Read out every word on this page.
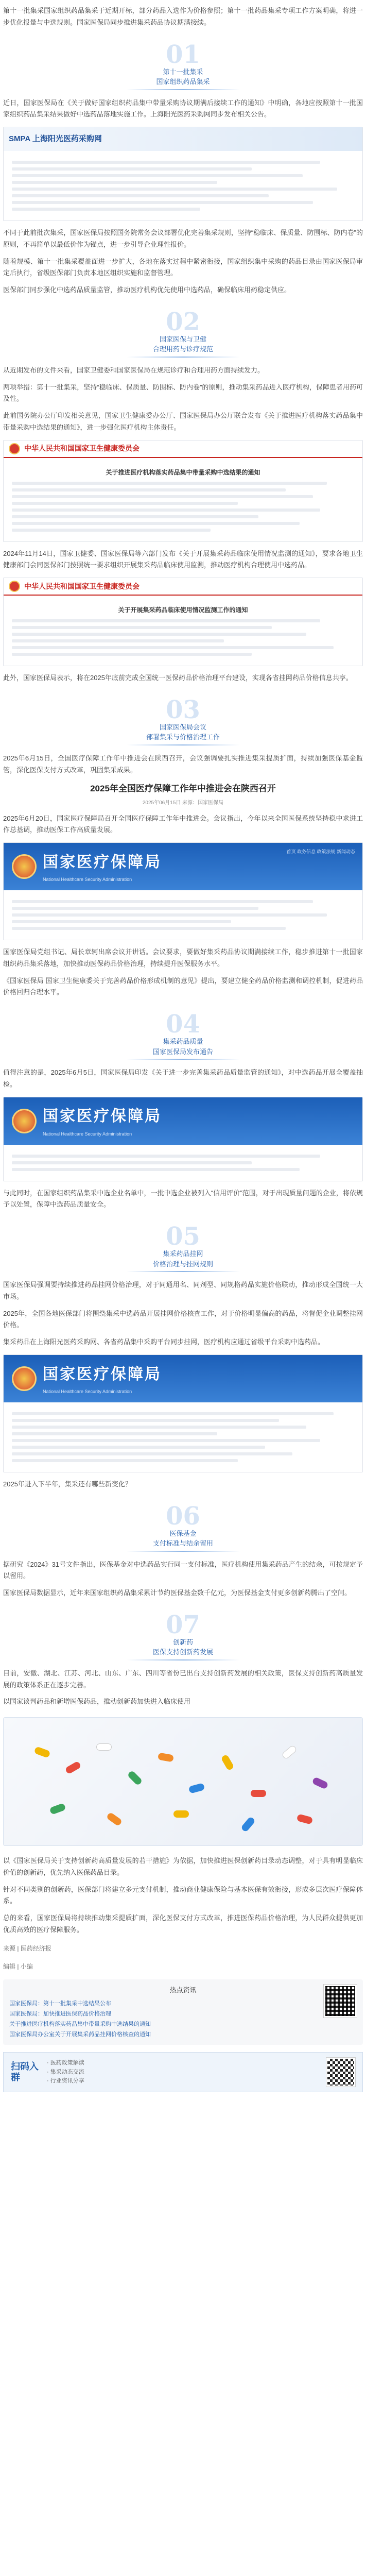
第十一批集采国家组织药品集采于近期开标，部分药品入选作为价格参照；第十一批药品集采专项工作方案明确，将进一步优化报量与中选规则。国家医保局同步推进集采药品协议期满接续。

01
第十一批集采
国家组织药品集采

近日，国家医保局在《关于做好国家组织药品集中带量采购协议期满后接续工作的通知》中明确，各地应按照第十一批国家组织药品集采结果做好中选药品落地实施工作。上海阳光医药采购网同步发布相关公告。

SMPA 上海阳光医药采购网

不同于此前批次集采，国家医保局按照国务院常务会议部署优化完善集采规则，坚持“稳临床、保质量、防围标、防内卷”的原则，不再简单以最低价作为锚点，进一步引导企业理性报价。

随着规模、第十一批集采覆盖面进一步扩大，各地在落实过程中紧密衔接，国家组织集中采购的药品目录由国家医保局审定后执行，省级医保部门负责本地区组织实施和监督管理。

医保部门同步强化中选药品质量监管，推动医疗机构优先使用中选药品，确保临床用药稳定供应。

02
国家医保与卫健
合理用药与诊疗规范

从近期发布的文件来看，国家卫健委和国家医保局在规范诊疗和合理用药方面持续发力。

两项举措：第十一批集采，坚持“稳临床、保质量、防围标、防内卷”的原则，推动集采药品进入医疗机构，保障患者用药可及性。

此前国务院办公厅印发相关意见，国家卫生健康委办公厅、国家医保局办公厅联合发布《关于推进医疗机构落实药品集中带量采购中选结果的通知》，进一步强化医疗机构主体责任。

中华人民共和国国家卫生健康委员会
关于推进医疗机构落实药品集中带量采购中选结果的通知

2024年11月14日，国家卫健委、国家医保局等六部门发布《关于开展集采药品临床使用情况监测的通知》，要求各地卫生健康部门会同医保部门按照统一要求组织开展集采药品临床使用监测，推动医疗机构合理使用中选药品。

中华人民共和国国家卫生健康委员会
关于开展集采药品临床使用情况监测工作的通知

此外，国家医保局表示，将在2025年底前完成全国统一医保药品价格治理平台建设，实现各省挂网药品价格信息共享。

03
国家医保局会议
部署集采与价格治理工作

2025年6月15日，全国医疗保障工作年中推进会在陕西召开，会议强调要扎实推进集采提质扩面，持续加强医保基金监管，深化医保支付方式改革，巩固集采成果。

2025年全国医疗保障工作年中推进会在陕西召开
2025年06月15日 来源：国家医保局

2025年6月20日，国家医疗保障局召开全国医疗保障工作年中推进会。会议指出，今年以来全国医保系统坚持稳中求进工作总基调，推动医保工作高质量发展。

国家医疗保障局
National Healthcare Security Administration
首页 政务信息 政策法规 新闻动态

国家医保局党组书记、局长章轲出席会议并讲话。会议要求，要做好集采药品协议期满接续工作，稳步推进第十一批国家组织药品集采落地，加快推动医保药品价格治理，持续提升医保服务水平。

《国家医保局 国家卫生健康委关于完善药品价格形成机制的意见》提出，要建立健全药品价格监测和调控机制，促进药品价格回归合理水平。

04
集采药品质量
国家医保局发布通告

值得注意的是，2025年6月5日，国家医保局印发《关于进一步完善集采药品质量监管的通知》，对中选药品开展全覆盖抽检。

国家医疗保障局
National Healthcare Security Administration

与此同时，在国家组织药品集采中选企业名单中，一批中选企业被列入“信用评价”范围，对于出现质量问题的企业，将依规予以处置，保障中选药品质量安全。

05
集采药品挂网
价格治理与挂网规则

国家医保局强调要持续推进药品挂网价格治理，对于同通用名、同剂型、同规格药品实施价格联动，推动形成全国统一大市场。

2025年，全国各地医保部门将围绕集采中选药品开展挂网价格核查工作，对于价格明显偏高的药品，将督促企业调整挂网价格。

集采药品在上海阳光医药采购网、各省药品集中采购平台同步挂网，医疗机构应通过省级平台采购中选药品。

国家医疗保障局
National Healthcare Security Administration

2025年进入下半年，集采还有哪些新变化？

06
医保基金
支付标准与结余留用

据研究《2024》31号文件指出，医保基金对中选药品实行同一支付标准，医疗机构使用集采药品产生的结余，可按规定予以留用。

国家医保局数据显示，近年来国家组织药品集采累计节约医保基金数千亿元，为医保基金支付更多创新药腾出了空间。

07
创新药
医保支持创新药发展

目前，安徽、湖北、江苏、河北、山东、广东、四川等省份已出台支持创新药发展的相关政策，医保支持创新药高质量发展的政策体系正在逐步完善。

以国家谈判药品和新增医保药品，推动创新药加快进入临床使用

以《国家医保局关于支持创新药高质量发展的若干措施》为依据，加快推进医保创新药目录动态调整，对于具有明显临床价值的创新药，优先纳入医保药品目录。

针对不同类别的创新药，医保部门将建立多元支付机制，推动商业健康保险与基本医保有效衔接，形成多层次医疗保障体系。

总的来看，国家医保局将持续推动集采提质扩面，深化医保支付方式改革，推进医保药品价格治理，为人民群众提供更加优质高效的医疗保障服务。

来源 | 医药经济报
编辑 | 小编
热点资讯
国家医保局：第十一批集采中选结果公布
国家医保局：加快推进医保药品价格治理
关于推进医疗机构落实药品集中带量采购中选结果的通知
国家医保局办公室关于开展集采药品挂网价格核查的通知
扫码入群
· 医药政策解读
· 集采动态交流
· 行业资讯分享
